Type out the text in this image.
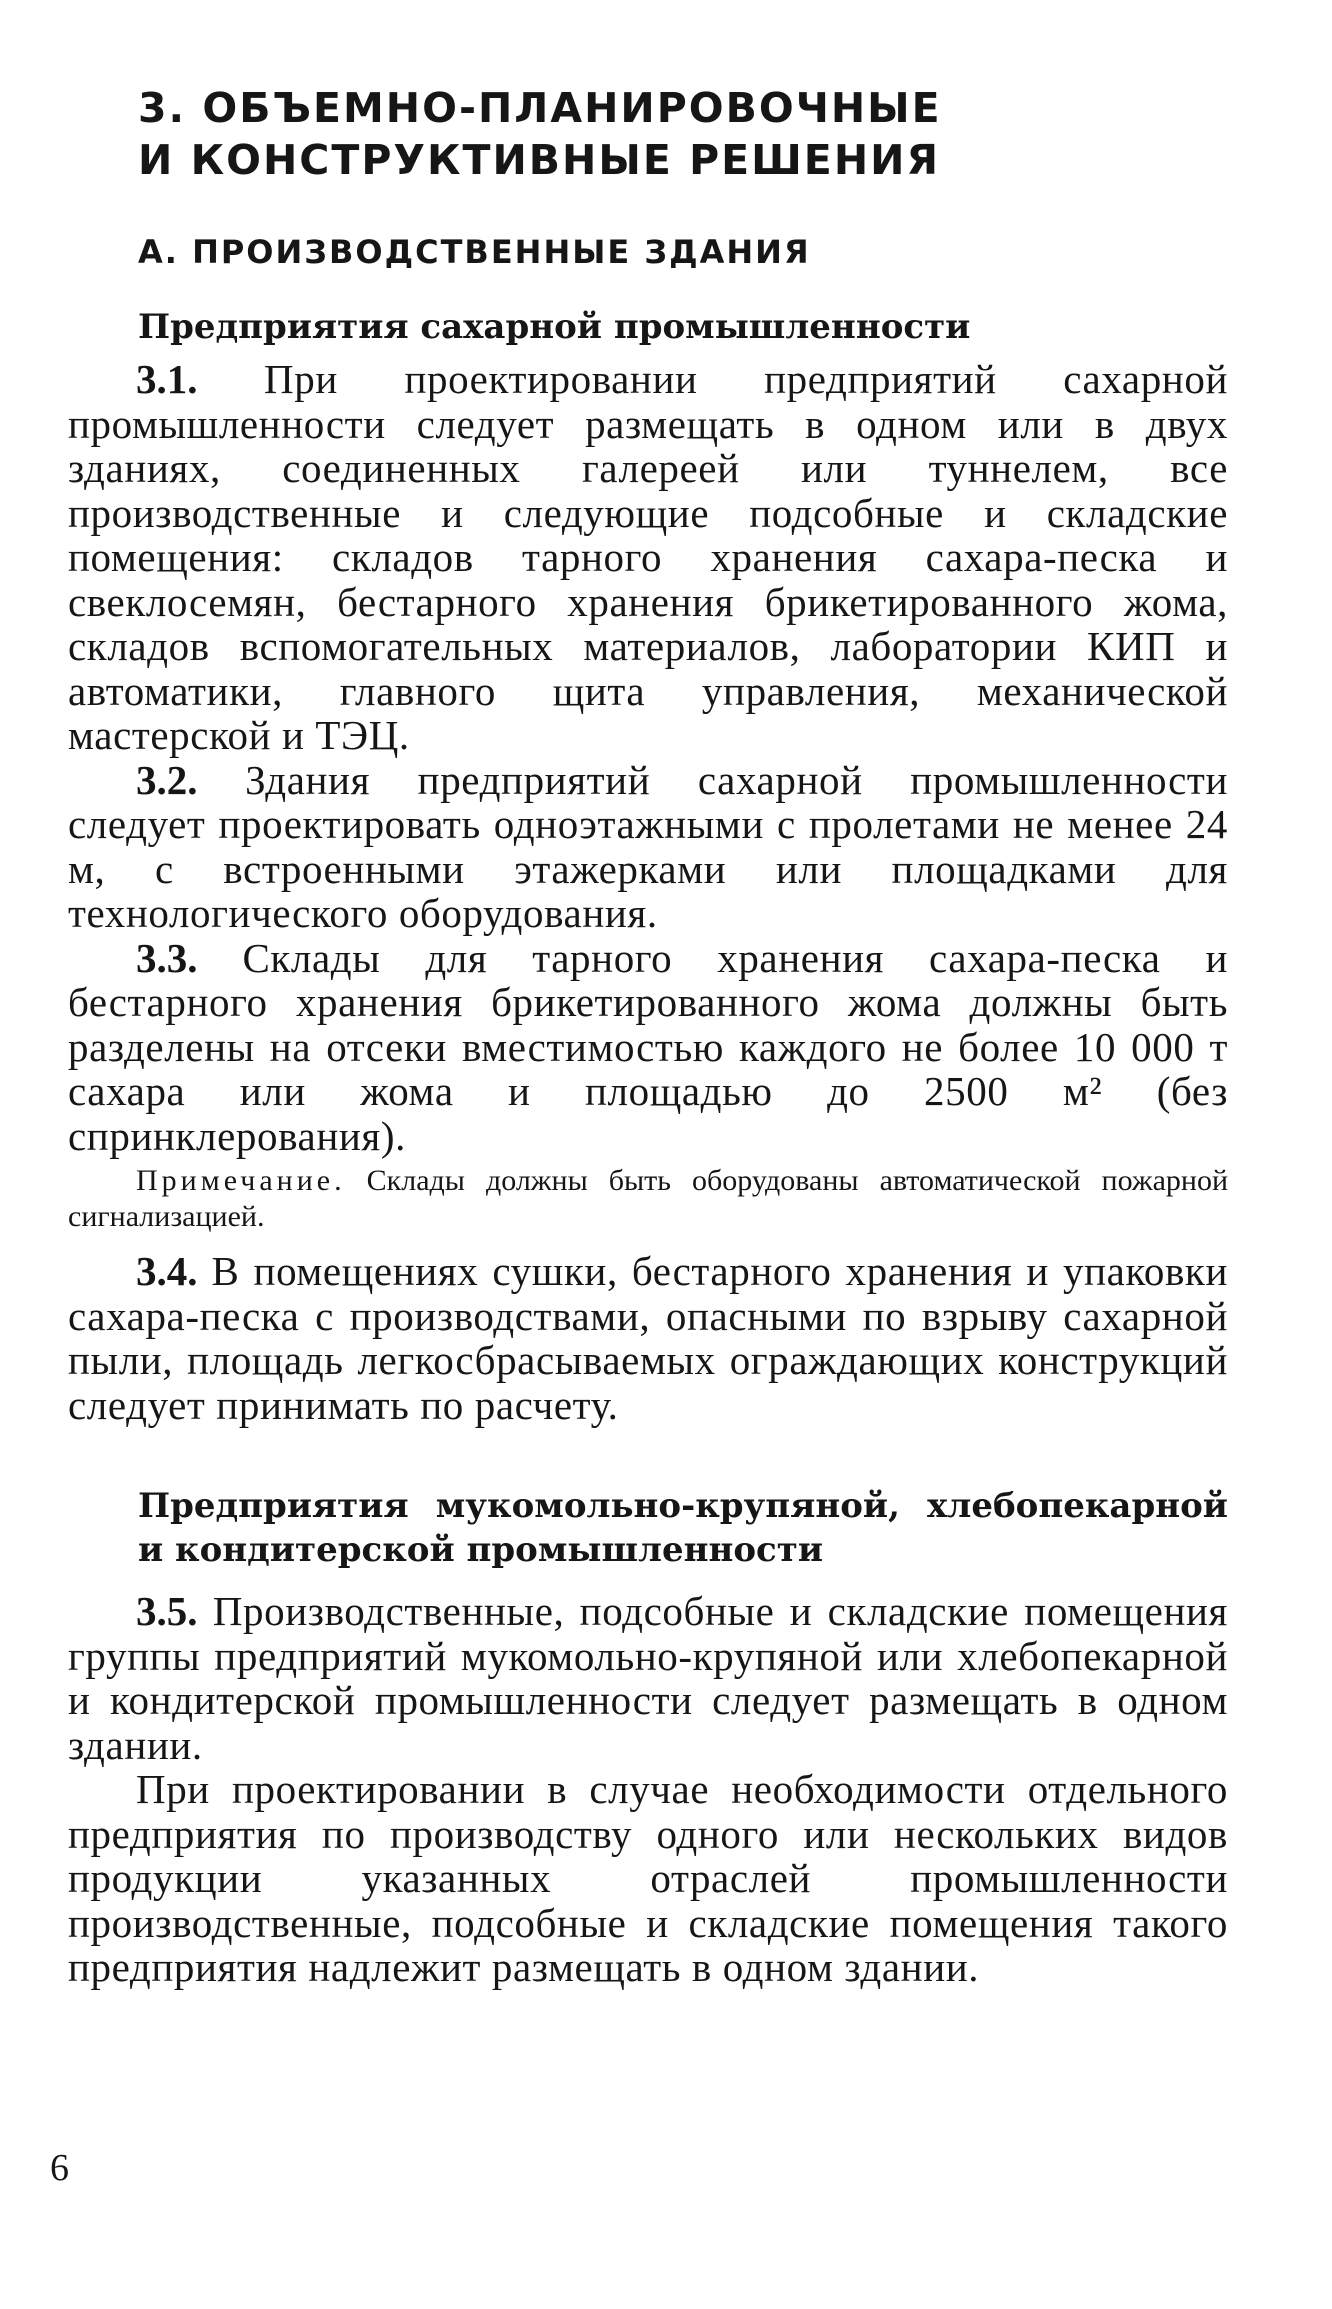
3. ОБЪЕМНО-ПЛАНИРОВОЧНЫЕ
И КОНСТРУКТИВНЫЕ РЕШЕНИЯ
А. ПРОИЗВОДСТВЕННЫЕ ЗДАНИЯ
Предприятия сахарной промышленности

3.1. При проектировании предприятий сахарной промышленности следует размещать в одном или в двух зданиях, соединенных галереей или туннелем, все производственные и следующие подсобные и складские помещения: складов тарного хранения сахара-песка и свеклосемян, бестарного хранения брикетированного жома, складов вспомогательных материалов, лаборатории КИП и автоматики, главного щита управления, механической мастерской и ТЭЦ.

3.2. Здания предприятий сахарной промышленности следует проектировать одноэтажными с пролетами не менее 24 м, с встроенными этажерками или площадками для технологического оборудования.

3.3. Склады для тарного хранения сахара-песка и бестарного хранения брикетированного жома должны быть разделены на отсеки вместимостью каждого не более 10 000 т сахара или жома и площадью до 2500 м² (без спринклерования).

Примечание. Склады должны быть оборудованы автоматической пожарной сигнализацией.

3.4. В помещениях сушки, бестарного хранения и упаковки сахара-песка с производствами, опасными по взрыву сахарной пыли, площадь легкосбрасываемых ограждающих конструкций следует принимать по расчету.

Предприятия мукомольно-крупяной, хлебопекарной
и кондитерской промышленности

3.5. Производственные, подсобные и складские помещения группы предприятий мукомольно-крупяной или хлебопекарной и кондитерской промышленности следует размещать в одном здании.

При проектировании в случае необходимости отдельного предприятия по производству одного или нескольких видов продукции указанных отраслей промышленности производственные, подсобные и складские помещения такого предприятия надлежит размещать в одном здании.

6
